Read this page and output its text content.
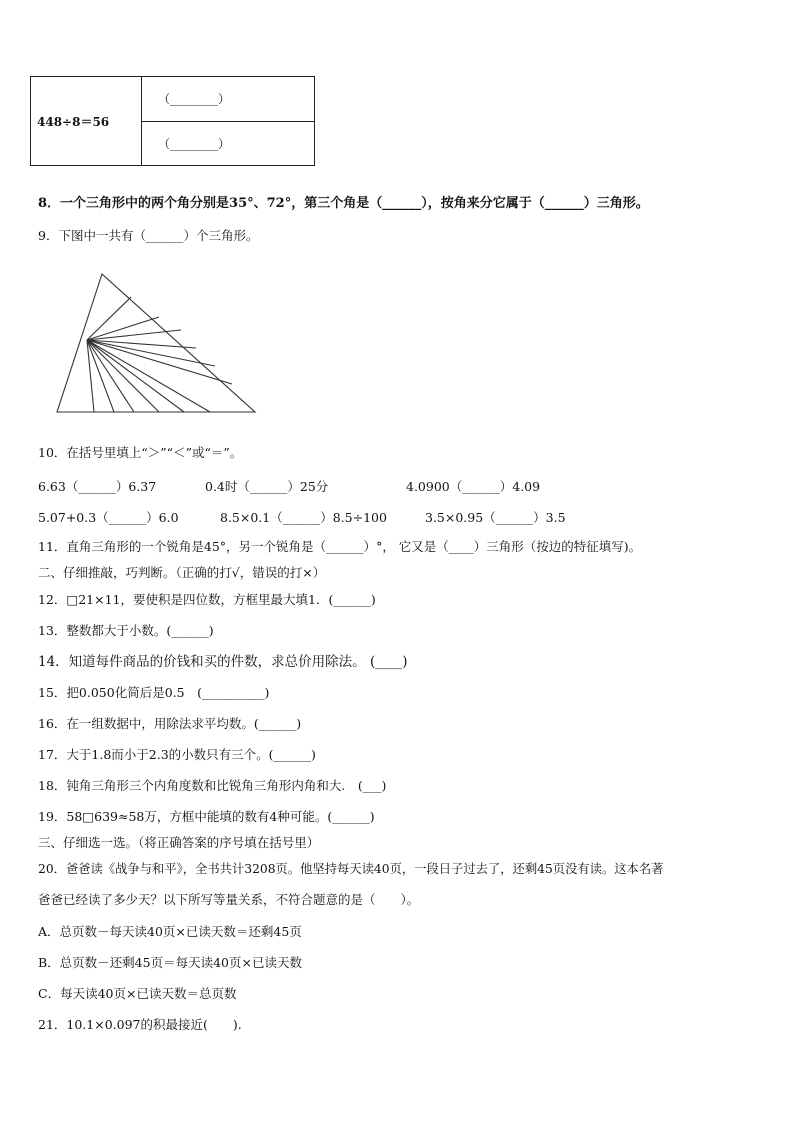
448÷8＝56	（________）
（________）
8．一个三角形中的两个角分别是35°、72°，第三个角是（______），按角来分它属于（______）三角形。
9．下图中一共有（______）个三角形。
10．在括号里填上“＞”“＜”或“＝”。
6.63（______）6.37	0.4时（______）25分	4.0900（______）4.09
5.07+0.3（______）6.0	8.5×0.1（______）8.5÷100	3.5×0.95（______）3.5
11．直角三角形的一个锐角是45°，另一个锐角是（______）°， 它又是（____）三角形（按边的特征填写)。
二、仔细推敲，巧判断。（正确的打√，错误的打×）
12．□21×11，要使积是四位数，方框里最大填1．(______)
13．整数都大于小数。(______)
14．知道每件商品的价钱和买的件数，求总价用除法。 (____)
15．把0.050化简后是0.5　(__________)
16．在一组数据中，用除法求平均数。(______)
17．大于1.8而小于2.3的小数只有三个。(______)
18．钝角三角形三个内角度数和比锐角三角形内角和大.　(___)
19．58□639≈58万，方框中能填的数有4种可能。(______)
三、仔细选一选。（将正确答案的序号填在括号里）
20．爸爸读《战争与和平》，全书共计3208页。他坚持每天读40页，一段日子过去了，还剩45页没有读。这本名著
爸爸已经读了多少天？以下所写等量关系，不符合题意的是（　　）。
A．总页数－每天读40页×已读天数＝还剩45页
B．总页数－还剩45页＝每天读40页×已读天数
C．每天读40页×已读天数＝总页数
21．10.1×0.097的积最接近(　　).
